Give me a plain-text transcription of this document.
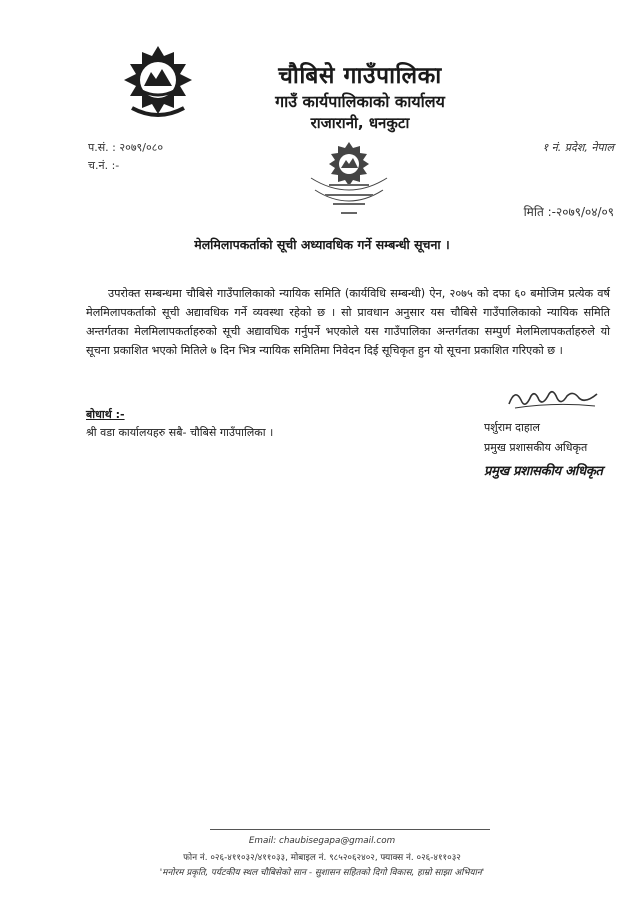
चौबिसे गाउँपालिका
गाउँ कार्यपालिकाको कार्यालय
राजारानी, धनकुटा
प.सं. : २०७९/०८०
च.नं. :-
१ नं. प्रदेश, नेपाल
मिति :-२०७९/०४/०९
मेलमिलापकर्ताको सूची अध्यावधिक गर्ने सम्बन्धी सूचना ।

उपरोक्त सम्बन्धमा चौबिसे गाउँपालिकाको न्यायिक समिति (कार्यविधि सम्बन्धी) ऐन, २०७५ को दफा ६० बमोजिम प्रत्येक वर्ष मेलमिलापकर्ताको सूची अद्यावधिक गर्ने व्यवस्था रहेको छ । सो प्रावधान अनुसार यस चौबिसे गाउँपालिकाको न्यायिक समिति अन्तर्गतका मेलमिलापकर्ताहरुको सूची अद्यावधिक गर्नुपर्ने भएकोले यस गाउँपालिका अन्तर्गतका सम्पुर्ण मेलमिलापकर्ताहरुले यो सूचना प्रकाशित भएको मितिले ७ दिन भित्र न्यायिक समितिमा निवेदन दिई सूचिकृत हुन यो सूचना प्रकाशित गरिएको छ ।

बोधार्थ :-
श्री वडा कार्यालयहरु सबै- चौबिसे गाउँपालिका ।	पर्शुराम दाहाल
प्रमुख प्रशासकीय अधिकृत
प्रमुख प्रशासकीय अधिकृत

Email: chaubisegapa@gmail.com

फोन नं. ०२६-४११०३२/४११०३३, मोबाइल नं. ९८५२०६२४०२, फ्याक्स नं. ०२६-४११०३२

'मनोरम प्रकृति, पर्यटकीय स्थल चौबिसेको सान - सुशासन सहितको दिगो विकास, हाम्रो साझा अभियान'
